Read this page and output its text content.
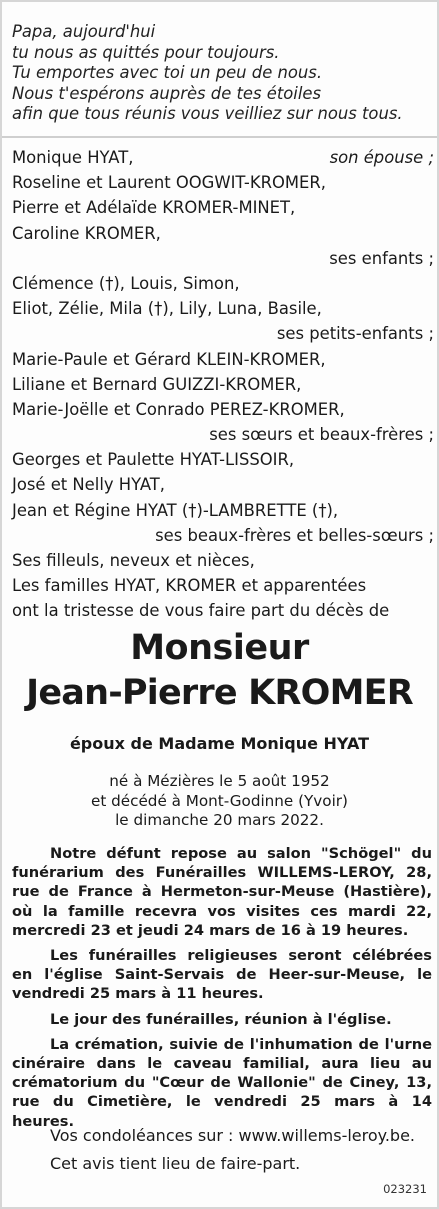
Papa, aujourd'hui
tu nous as quittés pour toujours.
Tu emportes avec toi un peu de nous.
Nous t'espérons auprès de tes étoiles
afin que tous réunis vous veilliez sur nous tous.
Monique HYAT,	son épouse ;
Roseline et Laurent OOGWIT-KROMER,
Pierre et Adélaïde KROMER-MINET,
Caroline KROMER,
ses enfants ;
Clémence (†), Louis, Simon,
Eliot, Zélie, Mila (†), Lily, Luna, Basile,
ses petits-enfants ;
Marie-Paule et Gérard KLEIN-KROMER,
Liliane et Bernard GUIZZI-KROMER,
Marie-Joëlle et Conrado PEREZ-KROMER,
ses sœurs et beaux-frères ;
Georges et Paulette HYAT-LISSOIR,
José et Nelly HYAT,
Jean et Régine HYAT (†)-LAMBRETTE (†),
ses beaux-frères et belles-sœurs ;
Ses filleuls, neveux et nièces,
Les familles HYAT, KROMER et apparentées
ont la tristesse de vous faire part du décès de
Monsieur
Jean-Pierre KROMER
époux de Madame Monique HYAT
né à Mézières le 5 août 1952
et décédé à Mont-Godinne (Yvoir)
le dimanche 20 mars 2022.

Notre défunt repose au salon "Schögel" du funérarium des Funérailles WILLEMS-LEROY, 28, rue de France à Hermeton-sur-Meuse (Hastière), où la famille recevra vos visites ces mardi 22, mercredi 23 et jeudi 24 mars de 16 à 19 heures.

Les funérailles religieuses seront célébrées en l'église Saint-Servais de Heer-sur-Meuse, le vendredi 25 mars à 11 heures.

Le jour des funérailles, réunion à l'église.

La crémation, suivie de l'inhumation de l'urne cinéraire dans le caveau familial, aura lieu au crématorium du "Cœur de Wallonie" de Ciney, 13, rue du Cimetière, le vendredi 25 mars à 14 heures.

Vos condoléances sur : www.willems-leroy.be.
Cet avis tient lieu de faire-part.
023231
